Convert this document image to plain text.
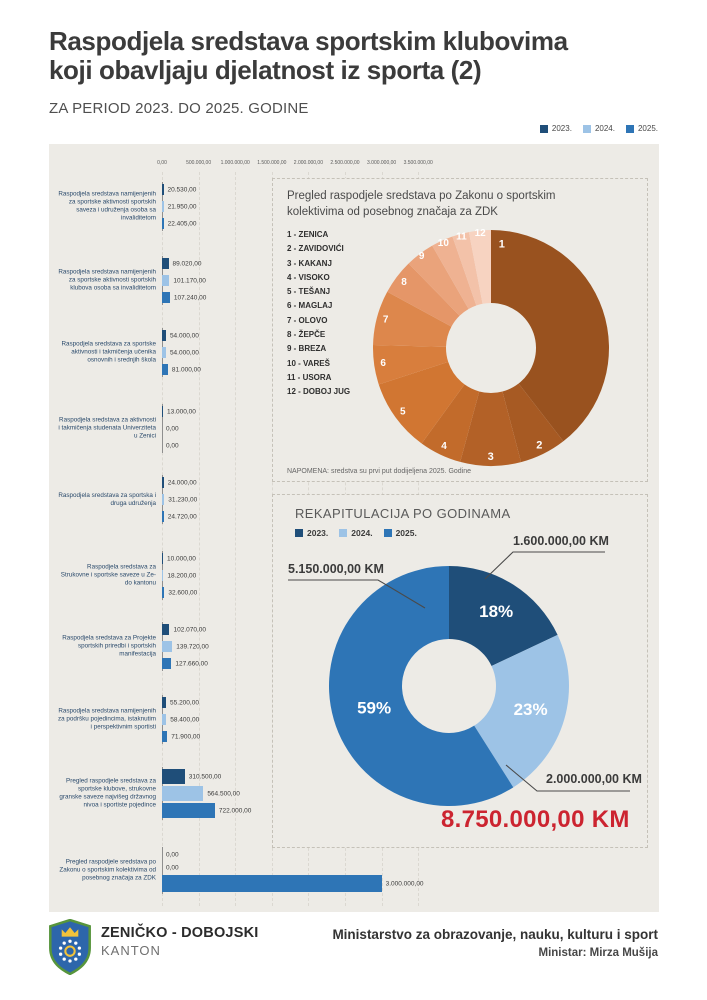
Raspodjela sredstava sportskim klubovima
koji obavljaju djelatnost iz sporta (2)
ZA PERIOD 2023. DO 2025. GODINE
2023.	2024.	2025.
0,00	500.000,00 1.000.000,00 1.500.000,00 2.000.000,00 2.500.000,00 3.000.000,00 3.500.000,00
Raspodjela sredstava namijenjenih za sportske aktivnosti sportskih saveza i udruženja osoba sa invaliditetom
20.530,00
21.950,00
22.405,00
Raspodjela sredstava namijenjenih za sportske aktivnosti sportskih klubova osoba sa invaliditetom
89.020,00
101.170,00
107.240,00
Raspodjela sredstava za sportske aktivnosti i takmičenja učenika osnovnih i srednjih škola
54.000,00
54.000,00
81.000,00
Raspodjela sredstava za aktivnosti i takmičenja studenata Univerziteta u Zenici
13.000,00
0,00
0,00
Raspodjela sredstava za sportska i druga udruženja
24.000,00
31.230,00
24.720,00
Raspodjela sredstava za Strukovne i sportske saveze u Ze-do kantonu
10.000,00
18.200,00
32.600,00
Raspodjela sredstava za Projekte sportskih priredbi i sportskih manifestacija
102.070,00
139.720,00
127.660,00
Raspodjela sredstava namijenjenih za podršku pojedincima, istaknutim i perspektivnim sportisti
55.200,00
58.400,00
71.900,00
Pregled raspodjele sredstava za sportske klubove, strukovne granske saveze najvišeg državnog nivoa i sportiste pojedince
310.500,00
564.500,00
722.000,00
Pregled raspodjele sredstava po Zakonu o sportskim kolektivima od posebnog značaja za ZDK
0,00
0,00
3.000.000,00
Pregled raspodjele sredstava po Zakonu o sportskim
kolektivima od posebnog značaja za ZDK
1 - ZENICA
2 - ZAVIDOVIĆI
3 - KAKANJ
4 - VISOKO
5 - TEŠANJ
6 - MAGLAJ
7 - OLOVO
8 - ŽEPČE
9 - BREZA
10 - VAREŠ
11 - USORA
12 - DOBOJ JUG
1
2
3
4
5
6
7
8
9
10
11 12
NAPOMENA: sredstva su prvi put dodijeljena 2025. Godine
REKAPITULACIJA PO GODINAMA
2023.	2024.	2025.
18%
23%
59%
1.600.000,00 KM
5.150.000,00 KM
2.000.000,00 KM
8.750.000,00 KM
ZENIČKO - DOBOJSKI
KANTON
Ministarstvo za obrazovanje, nauku, kulturu i sport
Ministar: Mirza Mušija
